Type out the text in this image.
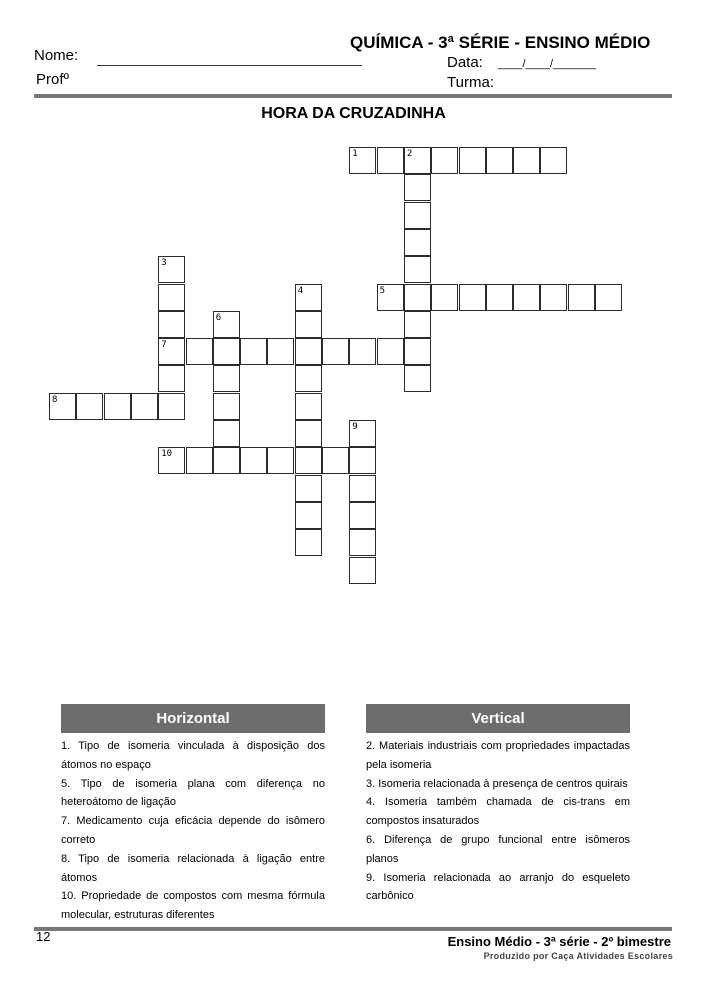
QUÍMICA - 3ª SÉRIE - ENSINO MÉDIO
Nome:	Data: ____/____/_______
Profº	Turma:
HORA DA CRUZADINHA
1	2
3
7
4	5
6
8
9
10
Horizontal	Vertical

1. Tipo de isomeria vinculada à disposição dos átomos no espaço

5. Tipo de isomeria plana com diferença no heteroátomo de ligação

7. Medicamento cuja eficácia depende do isômero correto

8. Tipo de isomeria relacionada à ligação entre átomos

10. Propriedade de compostos com mesma fórmula molecular, estruturas diferentes

2. Materiais industriais com propriedades impactadas pela isomeria

3. Isomeria relacionada à presença de centros quirais

4. Isomeria também chamada de cis-trans em compostos insaturados

6. Diferença de grupo funcional entre isômeros planos

9. Isomeria relacionada ao arranjo do esqueleto carbônico

12	Ensino Médio - 3ª série - 2º bimestre
Produzido por Caça Atividades Escolares
